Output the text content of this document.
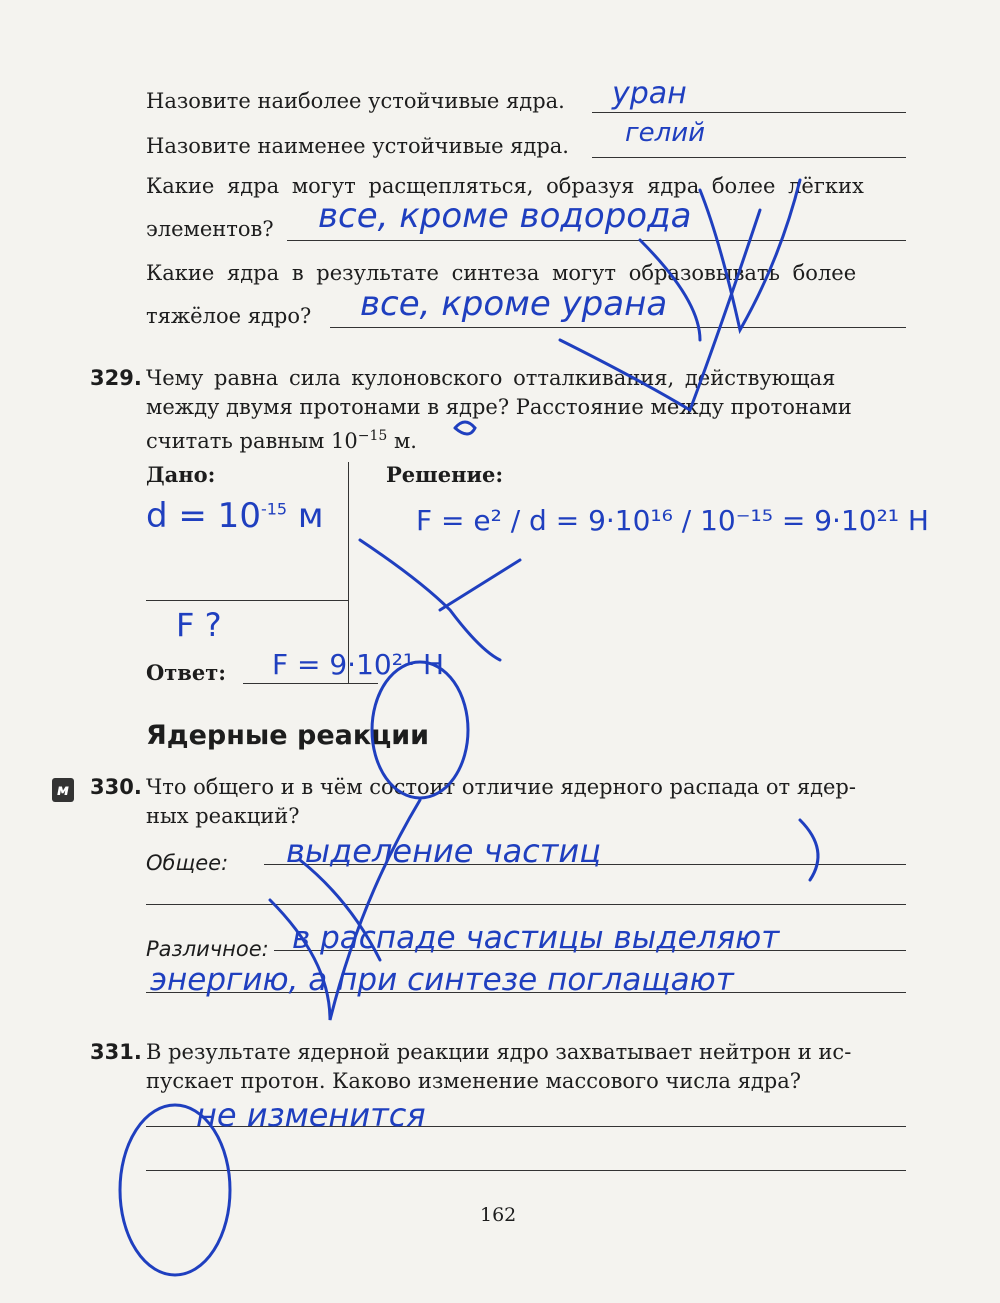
Назовите наиболее устойчивые ядра. уран
Назовите наименее устойчивые ядра. гелий
Какие ядра могут расщепляться, образуя ядра более лёгких
элементов? все, кроме водорода
Какие ядра в результате синтеза могут образовывать более
тяжёлое ядро? все, кроме урана
329. Чему равна сила кулоновского отталкивания, действующая
между двумя протонами в ядре? Расстояние между протонами
считать равным $10^{-15}$ м.
Дано:	Решение:
$d = 10^{-15}$ м
F ?
F = e² / d = 9·10¹⁶ / 10⁻¹⁵ = 9·10²¹ Н
Ответ: F = 9·10²¹ Н
Ядерные реакции
м 330. Что общего и в чём состоит отличие ядерного распада от ядер-
ных реакций?
Общее: выделение частиц
Различное: в распаде частицы выделяют
энергию, а при синтезе поглащают
331. В результате ядерной реакции ядро захватывает нейтрон и ис-
пускает протон. Каково изменение массового числа ядра?
не изменится
162
